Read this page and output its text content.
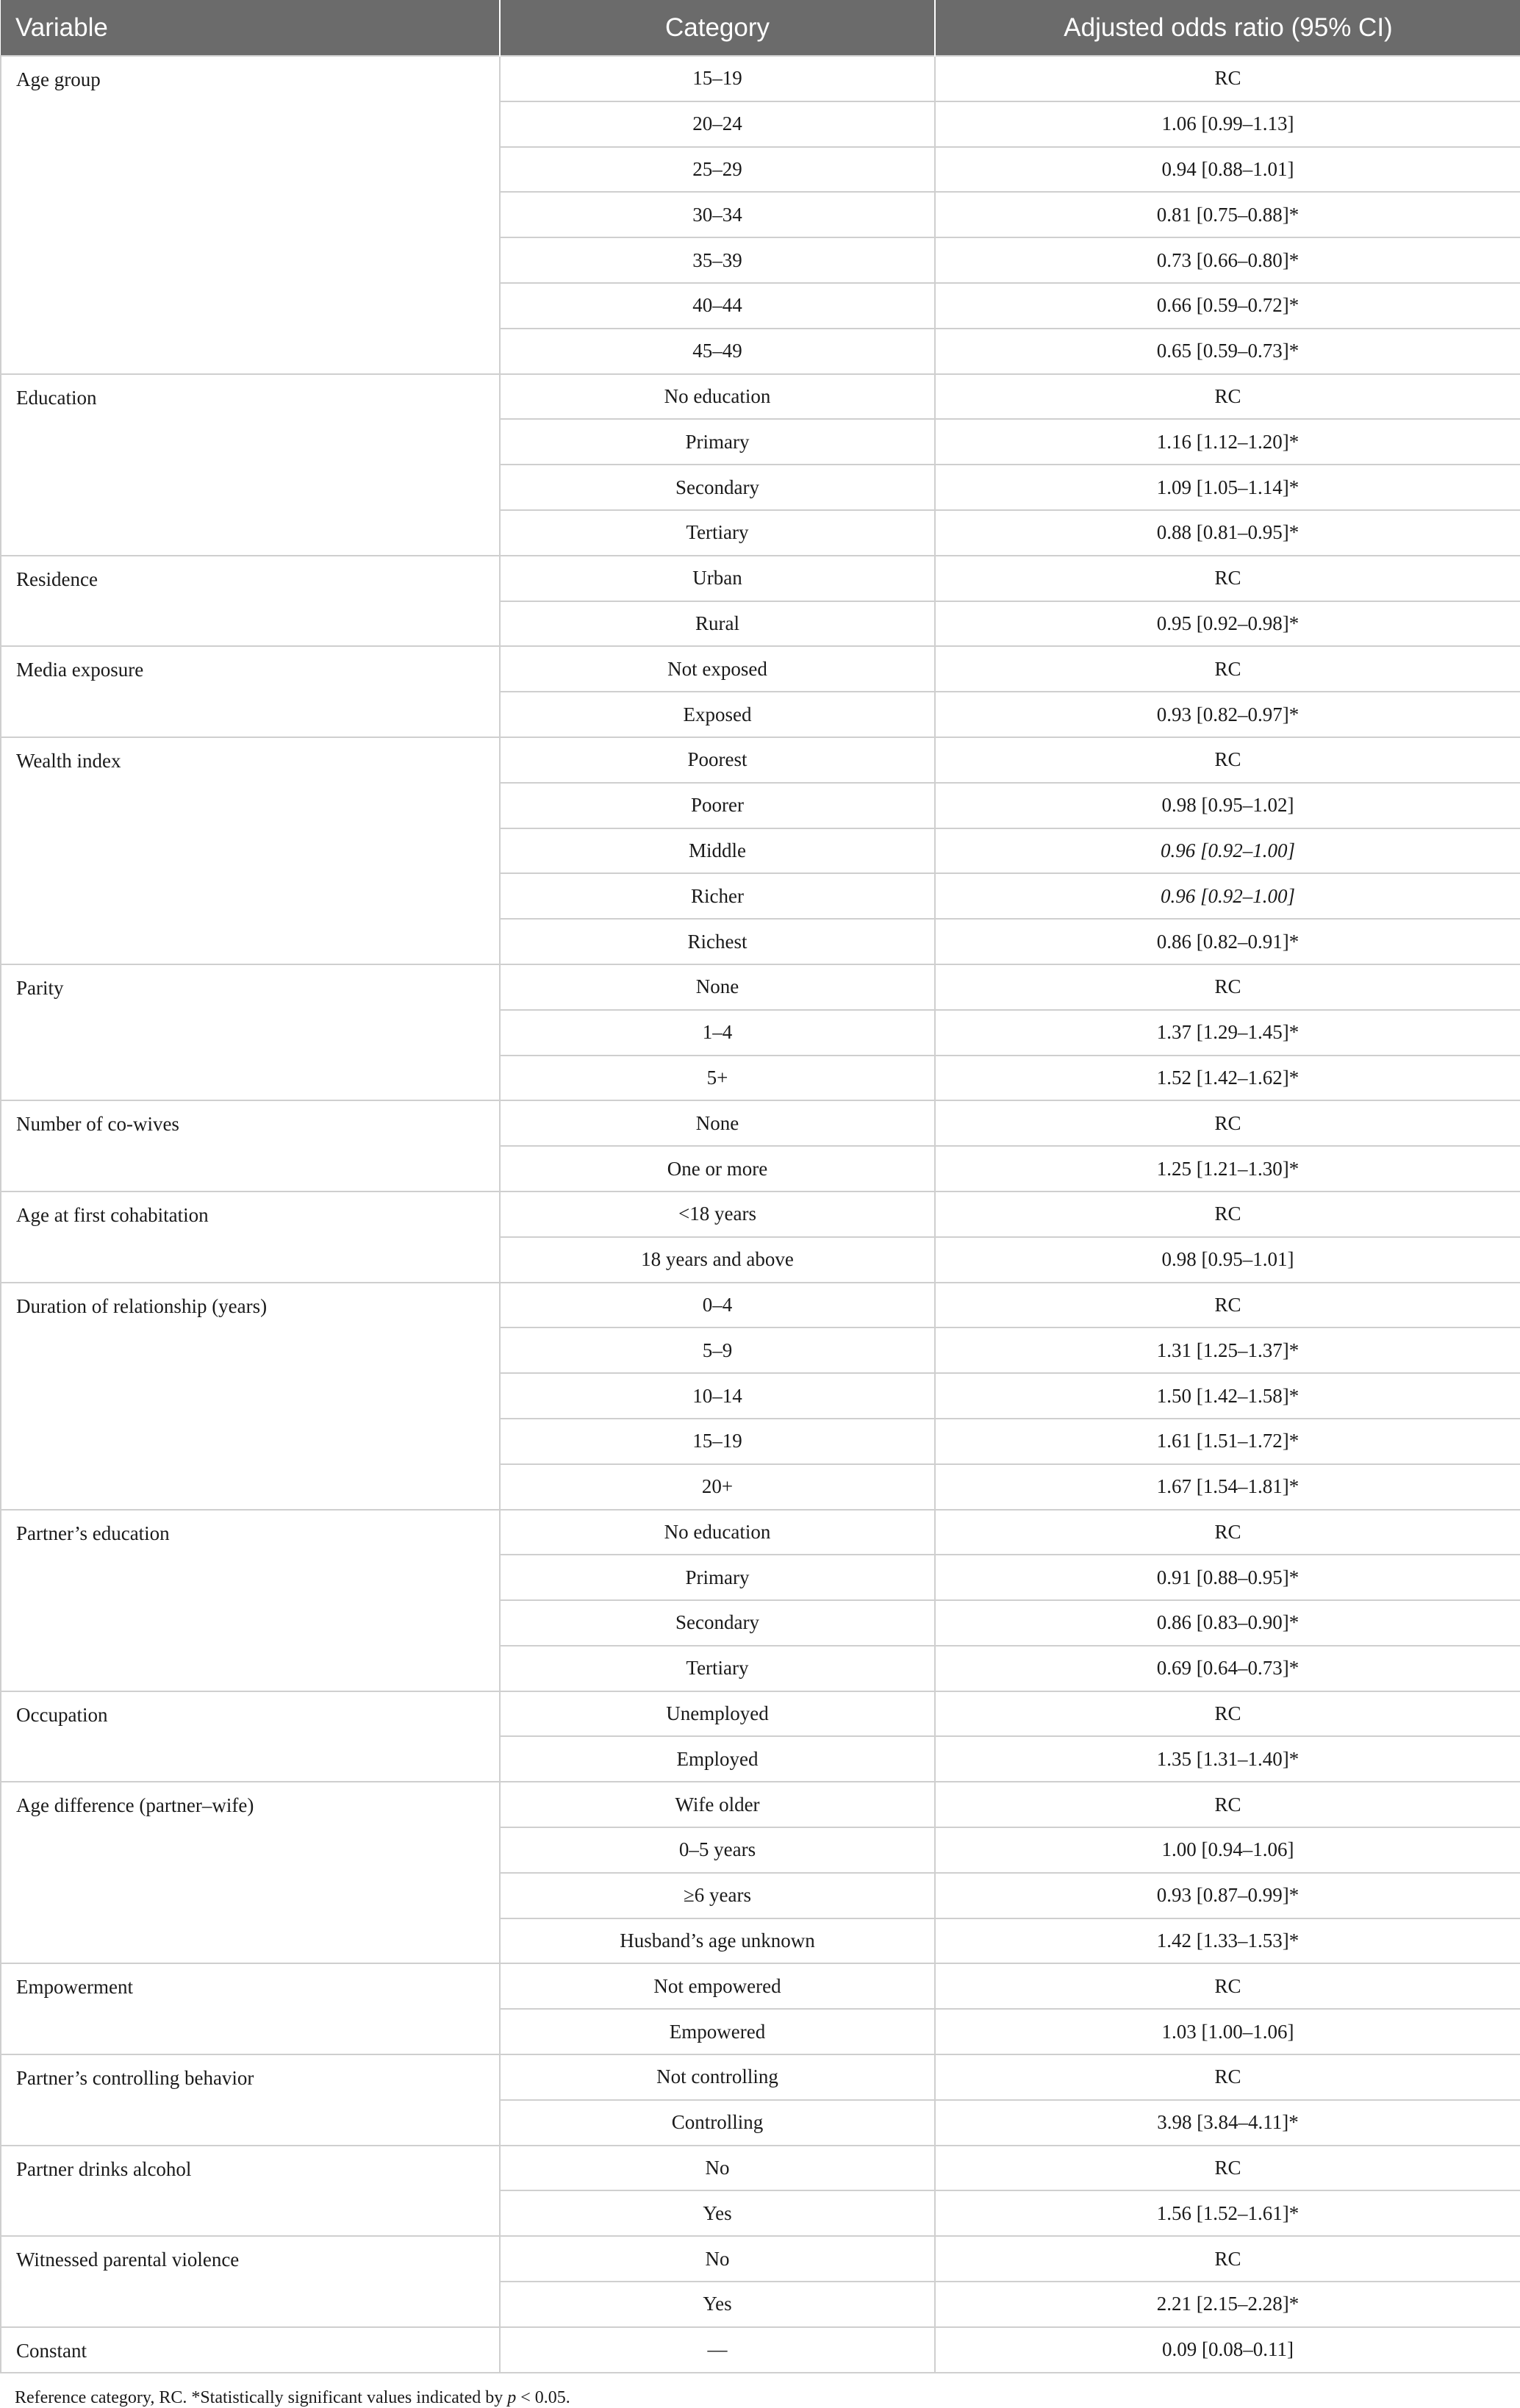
Variable	Category	Adjusted odds ratio (95% CI)
Age group	15–19	RC
	20–24	1.06 [0.99–1.13]
	25–29	0.94 [0.88–1.01]
	30–34	0.81 [0.75–0.88]*
	35–39	0.73 [0.66–0.80]*
	40–44	0.66 [0.59–0.72]*
	45–49	0.65 [0.59–0.73]*
Education	No education	RC
	Primary	1.16 [1.12–1.20]*
	Secondary	1.09 [1.05–1.14]*
	Tertiary	0.88 [0.81–0.95]*
Residence	Urban	RC
	Rural	0.95 [0.92–0.98]*
Media exposure	Not exposed	RC
	Exposed	0.93 [0.82–0.97]*
Wealth index	Poorest	RC
	Poorer	0.98 [0.95–1.02]
	Middle	0.96 [0.92–1.00]
	Richer	0.96 [0.92–1.00]
	Richest	0.86 [0.82–0.91]*
Parity	None	RC
	1–4	1.37 [1.29–1.45]*
	5+	1.52 [1.42–1.62]*
Number of co-wives	None	RC
	One or more	1.25 [1.21–1.30]*
Age at first cohabitation	<18 years	RC
	18 years and above	0.98 [0.95–1.01]
Duration of relationship (years)	0–4	RC
	5–9	1.31 [1.25–1.37]*
	10–14	1.50 [1.42–1.58]*
	15–19	1.61 [1.51–1.72]*
	20+	1.67 [1.54–1.81]*
Partner’s education	No education	RC
	Primary	0.91 [0.88–0.95]*
	Secondary	0.86 [0.83–0.90]*
	Tertiary	0.69 [0.64–0.73]*
Occupation	Unemployed	RC
	Employed	1.35 [1.31–1.40]*
Age difference (partner–wife)	Wife older	RC
	0–5 years	1.00 [0.94–1.06]
	≥6 years	0.93 [0.87–0.99]*
	Husband’s age unknown	1.42 [1.33–1.53]*
Empowerment	Not empowered	RC
	Empowered	1.03 [1.00–1.06]
Partner’s controlling behavior	Not controlling	RC
	Controlling	3.98 [3.84–4.11]*
Partner drinks alcohol	No	RC
	Yes	1.56 [1.52–1.61]*
Witnessed parental violence	No	RC
	Yes	2.21 [2.15–2.28]*
Constant	—	0.09 [0.08–0.11]
Reference category, RC. *Statistically significant values indicated by p < 0.05.
